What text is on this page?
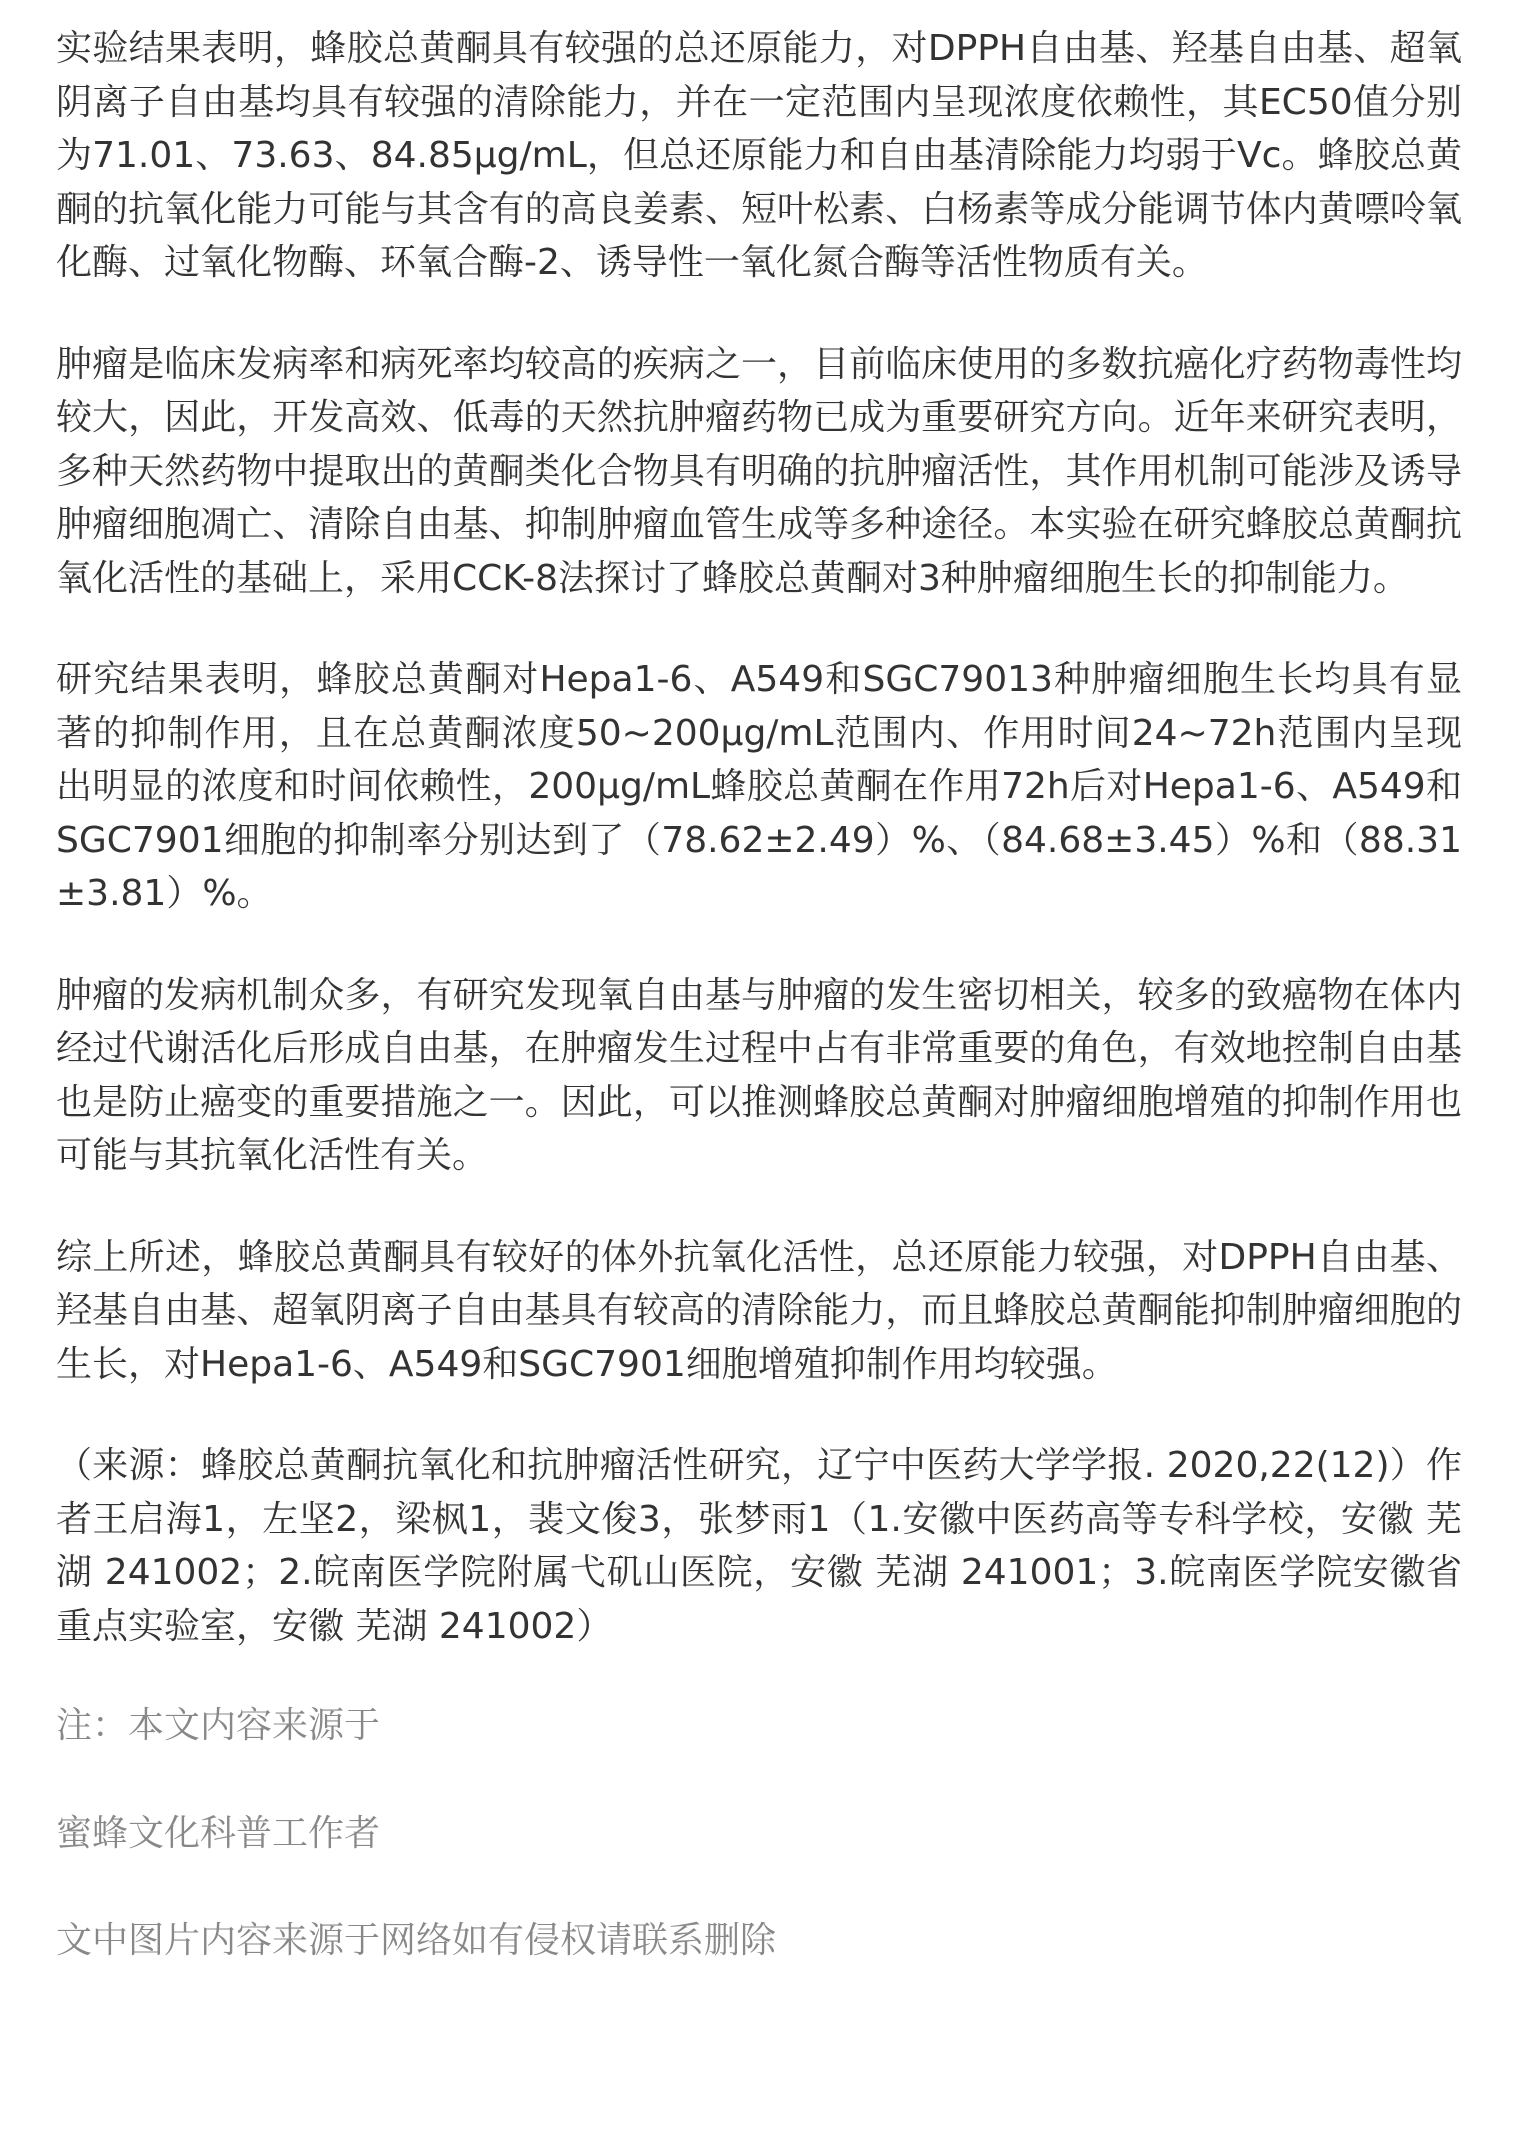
实验结果表明，蜂胶总黄酮具有较强的总还原能力，对DPPH自由基、羟基自由基、超氧阴离子自由基均具有较强的清除能力，并在一定范围内呈现浓度依赖性，其EC50值分别为71.01、73.63、84.85μg/mL，但总还原能力和自由基清除能力均弱于Vc。蜂胶总黄酮的抗氧化能力可能与其含有的高良姜素、短叶松素、白杨素等成分能调节体内黄嘌呤氧化酶、过氧化物酶、环氧合酶-2、诱导性一氧化氮合酶等活性物质有关。

肿瘤是临床发病率和病死率均较高的疾病之一，目前临床使用的多数抗癌化疗药物毒性均较大，因此，开发高效、低毒的天然抗肿瘤药物已成为重要研究方向。近年来研究表明，多种天然药物中提取出的黄酮类化合物具有明确的抗肿瘤活性，其作用机制可能涉及诱导肿瘤细胞凋亡、清除自由基、抑制肿瘤血管生成等多种途径。本实验在研究蜂胶总黄酮抗氧化活性的基础上，采用CCK-8法探讨了蜂胶总黄酮对3种肿瘤细胞生长的抑制能力。

研究结果表明，蜂胶总黄酮对Hepa1-6、A549和SGC79013种肿瘤细胞生长均具有显著的抑制作用，且在总黄酮浓度50~200μg/mL范围内、作用时间24~72h范围内呈现出明显的浓度和时间依赖性，200μg/mL蜂胶总黄酮在作用72h后对Hepa1-6、A549和SGC7901细胞的抑制率分别达到了（78.62±2.49）%、（84.68±3.45）%和（88.31±3.81）%。

肿瘤的发病机制众多，有研究发现氧自由基与肿瘤的发生密切相关，较多的致癌物在体内经过代谢活化后形成自由基，在肿瘤发生过程中占有非常重要的角色，有效地控制自由基也是防止癌变的重要措施之一。因此，可以推测蜂胶总黄酮对肿瘤细胞增殖的抑制作用也可能与其抗氧化活性有关。

综上所述，蜂胶总黄酮具有较好的体外抗氧化活性，总还原能力较强，对DPPH自由基、羟基自由基、超氧阴离子自由基具有较高的清除能力，而且蜂胶总黄酮能抑制肿瘤细胞的生长，对Hepa1-6、A549和SGC7901细胞增殖抑制作用均较强。

（来源：蜂胶总黄酮抗氧化和抗肿瘤活性研究，辽宁中医药大学学报. 2020,22(12)）作者王启海1，左坚2，梁枫1，裴文俊3，张梦雨1（1.安徽中医药高等专科学校，安徽 芜湖 241002；2.皖南医学院附属弋矶山医院，安徽 芜湖 241001；3.皖南医学院安徽省重点实验室，安徽 芜湖 241002）

注：本文内容来源于

蜜蜂文化科普工作者

文中图片内容来源于网络如有侵权请联系删除
